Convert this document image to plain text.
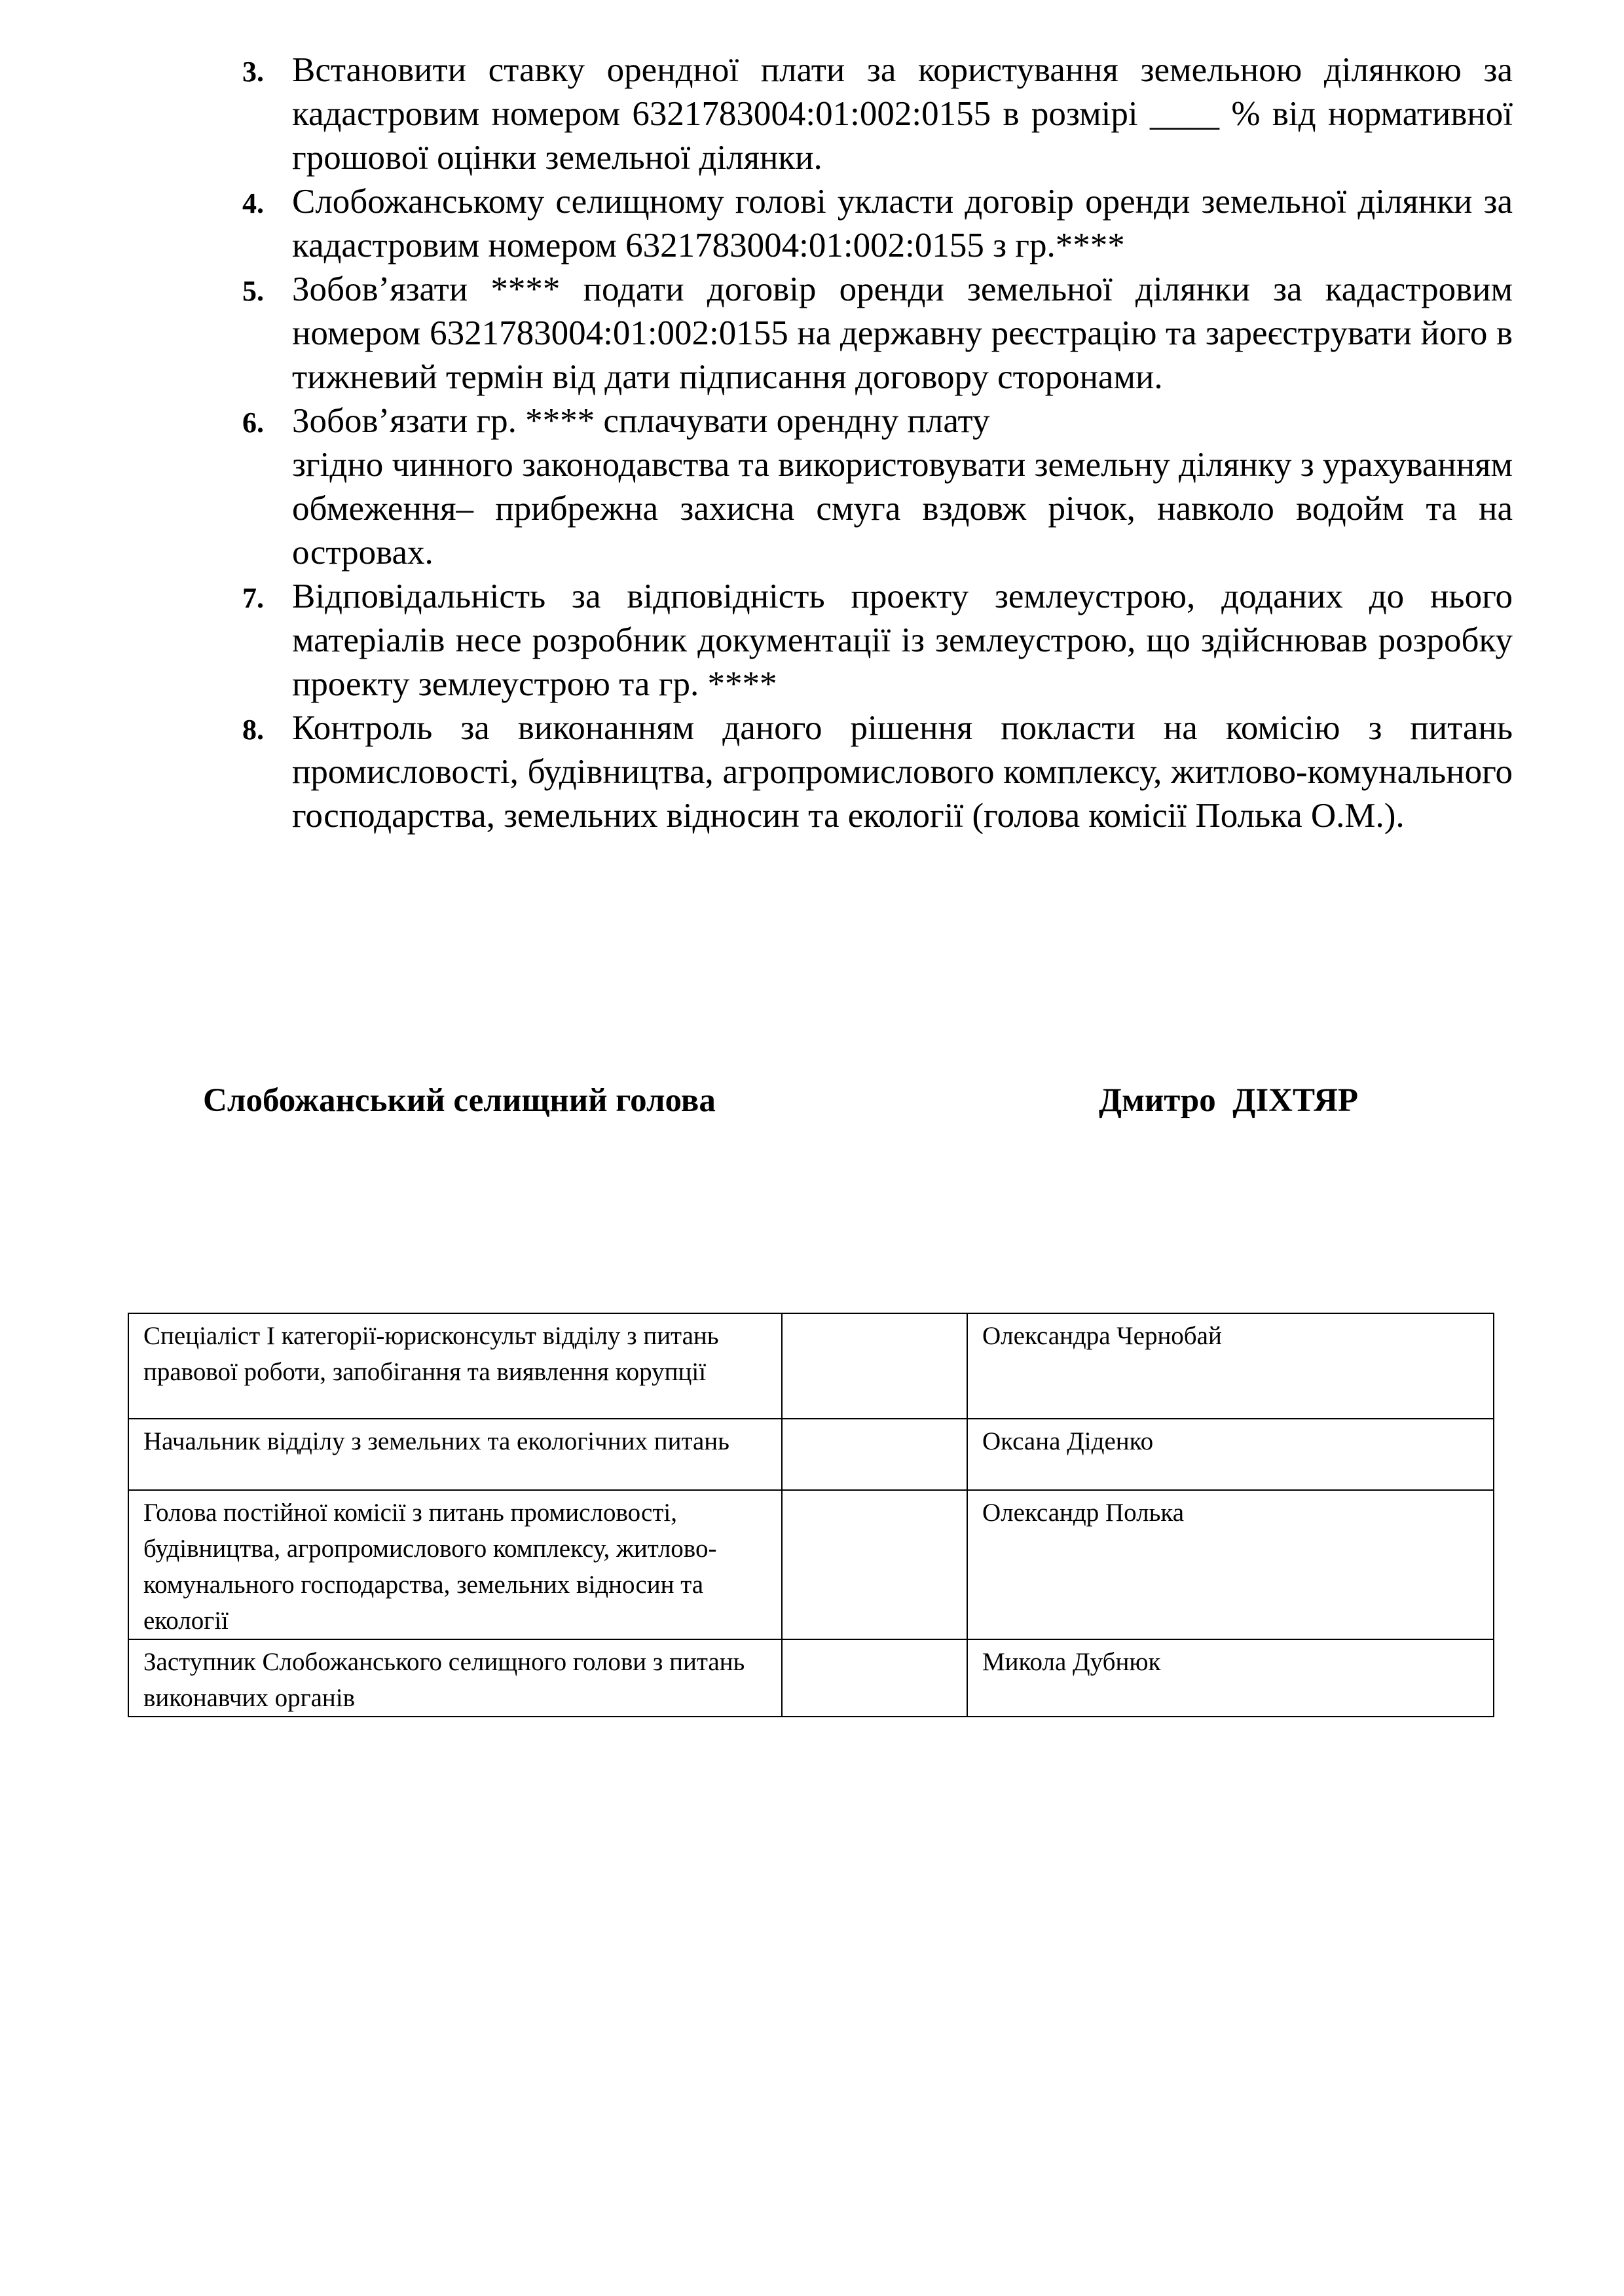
3. Встановити ставку орендної плати за користування земельною ділянкою за кадастровим номером 6321783004:01:002:0155 в розмірі ____ % від нормативної грошової оцінки земельної ділянки.
4. Слобожанському селищному голові укласти договір оренди земельної ділянки за кадастровим номером 6321783004:01:002:0155 з гр.****
5. Зобов’язати **** подати договір оренди земельної ділянки за кадастровим номером 6321783004:01:002:0155 на державну реєстрацію та зареєструвати його в тижневий термін від дати підписання договору сторонами.
6. Зобов’язати гр. **** сплачувати орендну плату
згідно чинного законодавства та використовувати земельну ділянку з урахуванням обмеження– прибрежна захисна смуга вздовж річок, навколо водойм та на островах.
7. Відповідальність за відповідність проекту землеустрою, доданих до нього матеріалів несе розробник документації із землеустрою, що здійснював розробку проекту землеустрою та гр. ****
8. Контроль за виконанням даного рішення покласти на комісію з питань промисловості, будівництва, агропромислового комплексу, житлово-комунального господарства, земельних відносин та екології (голова комісії Полька О.М.).
Слобожанський селищний голова	Дмитро  ДІХТЯР
Спеціаліст І категорії-юрисконсульт відділу з питань правової роботи, запобігання та виявлення корупції		Олександра Чернобай
Начальник відділу з земельних та екологічних питань		Оксана Діденко
Голова постійної комісії з питань промисловості, будівництва, агропромислового комплексу, житлово-комунального господарства, земельних відносин та екології		Олександр Полька
Заступник Слобожанського селищного голови з питань виконавчих органів		Микола Дубнюк
